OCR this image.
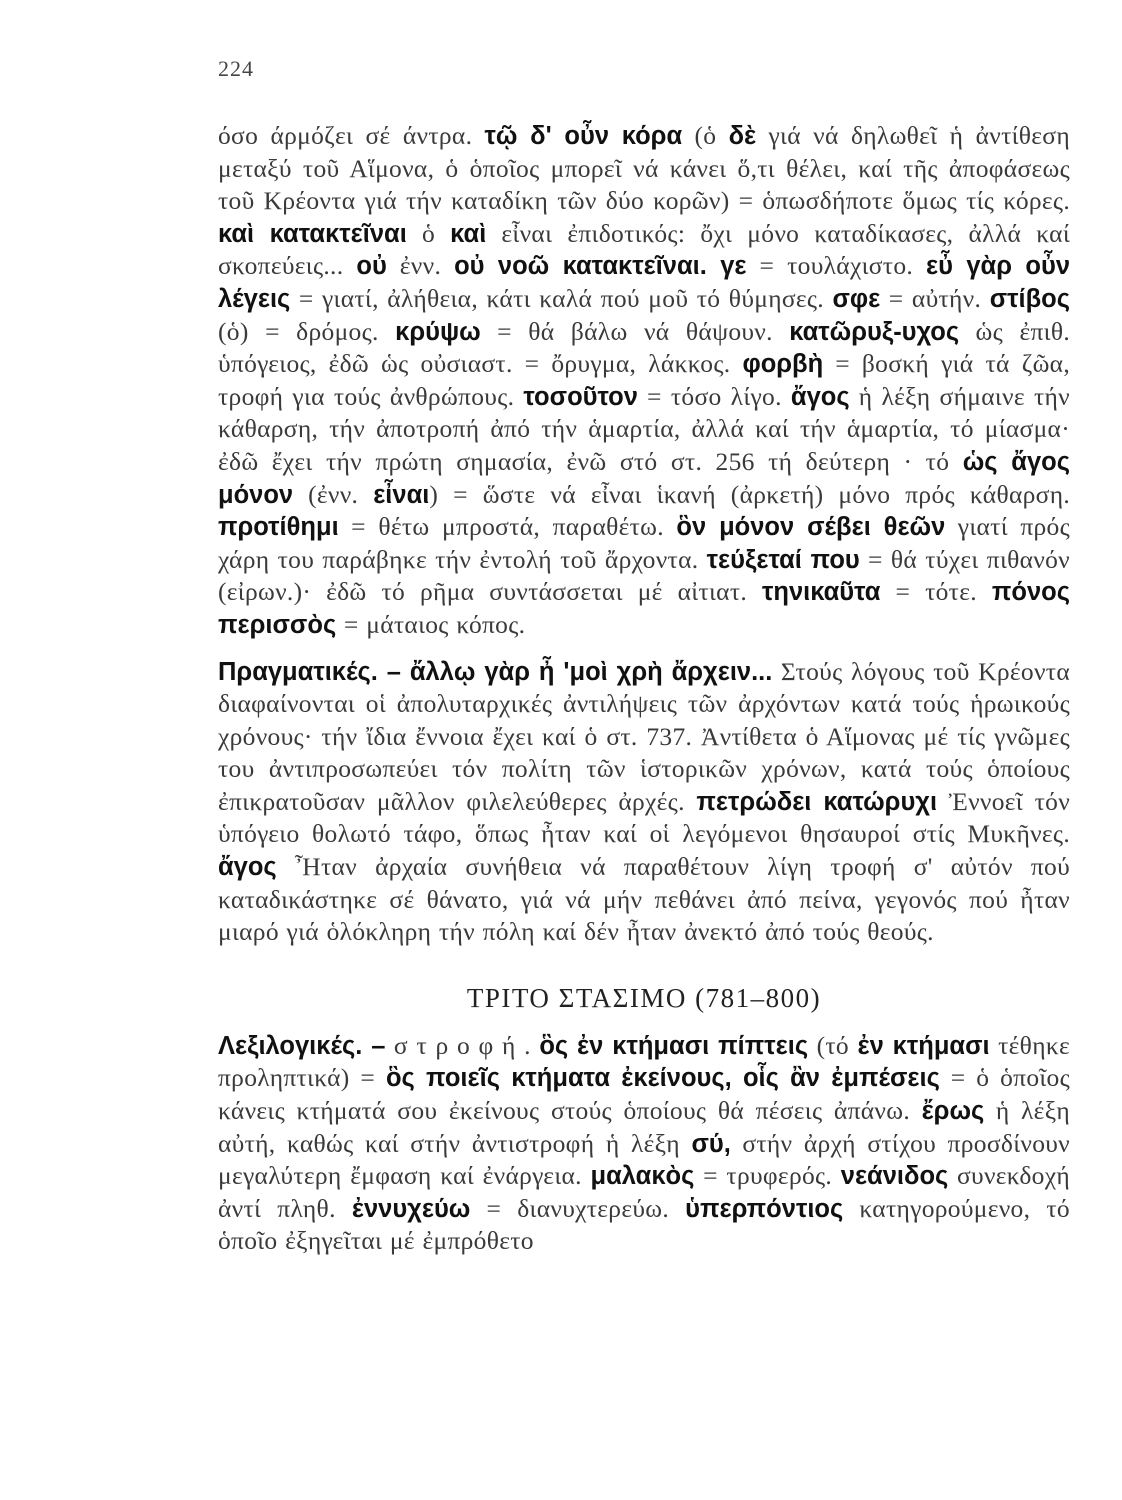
224

όσο άρμόζει σέ άντρα. τῷ δ' οὖν κόρα (ὁ δὲ γιά νά δηλωθεῖ ἡ ἀντίθεση μεταξύ τοῦ Αἵμονα, ὁ ὁποῖος μπορεῖ νά κάνει ὅ,τι θέλει, καί τῆς ἀποφάσεως τοῦ Κρέοντα γιά τήν καταδίκη τῶν δύο κορῶν) = ὁπωσδήποτε ὅμως τίς κόρες. καὶ κατακτεῖναι ὁ καὶ εἶναι ἐπιδοτικός: ὄχι μόνο καταδίκασες, ἀλλά καί σκοπεύεις... οὐ ἐνν. οὐ νοῶ κατακτεῖναι. γε = τουλάχιστο. εὖ γὰρ οὖν λέγεις = γιατί, ἀλήθεια, κάτι καλά πού μοῦ τό θύμησες. σφε = αὐτήν. στίβος (ὁ) = δρόμος. κρύψω = θά βάλω νά θάψουν. κατῶρυξ-υχος ὡς ἐπιθ. ὑπόγειος, ἐδῶ ὡς οὐσιαστ. = ὄρυγμα, λάκκος. φορβὴ = βοσκή γιά τά ζῶα, τροφή για τούς ἀνθρώπους. τοσοῦτον = τόσο λίγο. ἄγος ἡ λέξη σήμαινε τήν κάθαρση, τήν ἀποτροπή ἀπό τήν ἁμαρτία, ἀλλά καί τήν ἁμαρτία, τό μίασμα· ἐδῶ ἔχει τήν πρώτη σημασία, ἐνῶ στό στ. 256 τή δεύτερη · τό ὡς ἄγος μόνον (ἐνν. εἶναι) = ὥστε νά εἶναι ἱκανή (ἀρκετή) μόνο πρός κάθαρση. προτίθημι = θέτω μπροστά, παραθέτω. ὃν μόνον σέβει θεῶν γιατί πρός χάρη του παράβηκε τήν ἐντολή τοῦ ἄρχοντα. τεύξεταί που = θά τύχει πιθανόν (εἰρων.)· ἐδῶ τό ρῆμα συντάσσεται μέ αἰτιατ. τηνικαῦτα = τότε. πόνος περισσὸς = μάταιος κόπος.

Πραγματικές. – ἄλλῳ γὰρ ἦ 'μοὶ χρὴ ἄρχειν... Στούς λόγους τοῦ Κρέοντα διαφαίνονται οἱ ἀπολυταρχικές ἀντιλήψεις τῶν ἀρχόντων κατά τούς ἡρωικούς χρόνους· τήν ἴδια ἔννοια ἔχει καί ὁ στ. 737. Ἀντίθετα ὁ Αἵμονας μέ τίς γνῶμες του ἀντιπροσωπεύει τόν πολίτη τῶν ἱστορικῶν χρόνων, κατά τούς ὁποίους ἐπικρατοῦσαν μᾶλλον φιλελεύθερες ἀρχές. πετρώδει κατώρυχι Ἐννοεῖ τόν ὑπόγειο θολωτό τάφο, ὅπως ἦταν καί οἱ λεγόμενοι θησαυροί στίς Μυκῆνες. ἄγος Ἦταν ἀρχαία συνήθεια νά παραθέτουν λίγη τροφή σ' αὐτόν πού καταδικάστηκε σέ θάνατο, γιά νά μήν πεθάνει ἀπό πείνα, γεγονός πού ἦταν μιαρό γιά ὁλόκληρη τήν πόλη καί δέν ἦταν ἀνεκτό ἀπό τούς θεούς.

ΤΡΙΤΟ ΣΤΑΣΙΜΟ (781–800)

Λεξιλογικές. – σ τ ρ ο φ ή . ὃς ἐν κτήμασι πίπτεις (τό ἐν κτήμασι τέθηκε προληπτικά) = ὃς ποιεῖς κτήματα ἐκείνους, οἷς ἂν ἐμπέσεις = ὁ ὁποῖος κάνεις κτήματά σου ἐκείνους στούς ὁποίους θά πέσεις ἀπάνω. ἔρως ἡ λέξη αὐτή, καθώς καί στήν ἀντιστροφή ἡ λέξη σύ, στήν ἀρχή στίχου προσδίνουν μεγαλύτερη ἔμφαση καί ἐνάργεια. μαλακὸς = τρυφερός. νεάνιδος συνεκδοχή ἀντί πληθ. ἐννυχεύω = διανυχτερεύω. ὑπερπόντιος κατηγορούμενο, τό ὁποῖο ἐξηγεῖται μέ ἐμπρόθετο
